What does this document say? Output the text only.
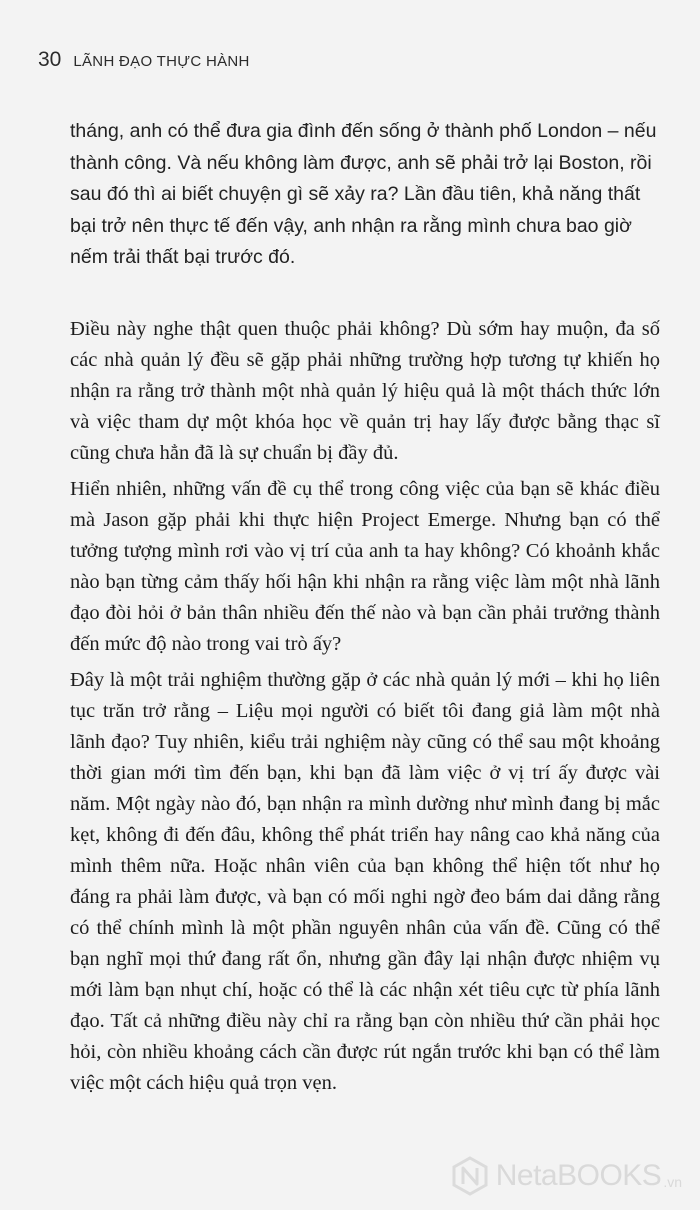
30 LÃNH ĐẠO THỰC HÀNH

tháng, anh có thể đưa gia đình đến sống ở thành phố London – nếu thành công. Và nếu không làm được, anh sẽ phải trở lại Boston, rồi sau đó thì ai biết chuyện gì sẽ xảy ra? Lần đầu tiên, khả năng thất bại trở nên thực tế đến vậy, anh nhận ra rằng mình chưa bao giờ nếm trải thất bại trước đó.

Điều này nghe thật quen thuộc phải không? Dù sớm hay muộn, đa số các nhà quản lý đều sẽ gặp phải những trường hợp tương tự khiến họ nhận ra rằng trở thành một nhà quản lý hiệu quả là một thách thức lớn và việc tham dự một khóa học về quản trị hay lấy được bằng thạc sĩ cũng chưa hẳn đã là sự chuẩn bị đầy đủ.

Hiển nhiên, những vấn đề cụ thể trong công việc của bạn sẽ khác điều mà Jason gặp phải khi thực hiện Project Emerge. Nhưng bạn có thể tưởng tượng mình rơi vào vị trí của anh ta hay không? Có khoảnh khắc nào bạn từng cảm thấy hối hận khi nhận ra rằng việc làm một nhà lãnh đạo đòi hỏi ở bản thân nhiều đến thế nào và bạn cần phải trưởng thành đến mức độ nào trong vai trò ấy?

Đây là một trải nghiệm thường gặp ở các nhà quản lý mới – khi họ liên tục trăn trở rằng – Liệu mọi người có biết tôi đang giả làm một nhà lãnh đạo? Tuy nhiên, kiểu trải nghiệm này cũng có thể sau một khoảng thời gian mới tìm đến bạn, khi bạn đã làm việc ở vị trí ấy được vài năm. Một ngày nào đó, bạn nhận ra mình dường như mình đang bị mắc kẹt, không đi đến đâu, không thể phát triển hay nâng cao khả năng của mình thêm nữa. Hoặc nhân viên của bạn không thể hiện tốt như họ đáng ra phải làm được, và bạn có mối nghi ngờ đeo bám dai dẳng rằng có thể chính mình là một phần nguyên nhân của vấn đề. Cũng có thể bạn nghĩ mọi thứ đang rất ổn, nhưng gần đây lại nhận được nhiệm vụ mới làm bạn nhụt chí, hoặc có thể là các nhận xét tiêu cực từ phía lãnh đạo. Tất cả những điều này chỉ ra rằng bạn còn nhiều thứ cần phải học hỏi, còn nhiều khoảng cách cần được rút ngắn trước khi bạn có thể làm việc một cách hiệu quả trọn vẹn.

NetaBOOKS .vn
